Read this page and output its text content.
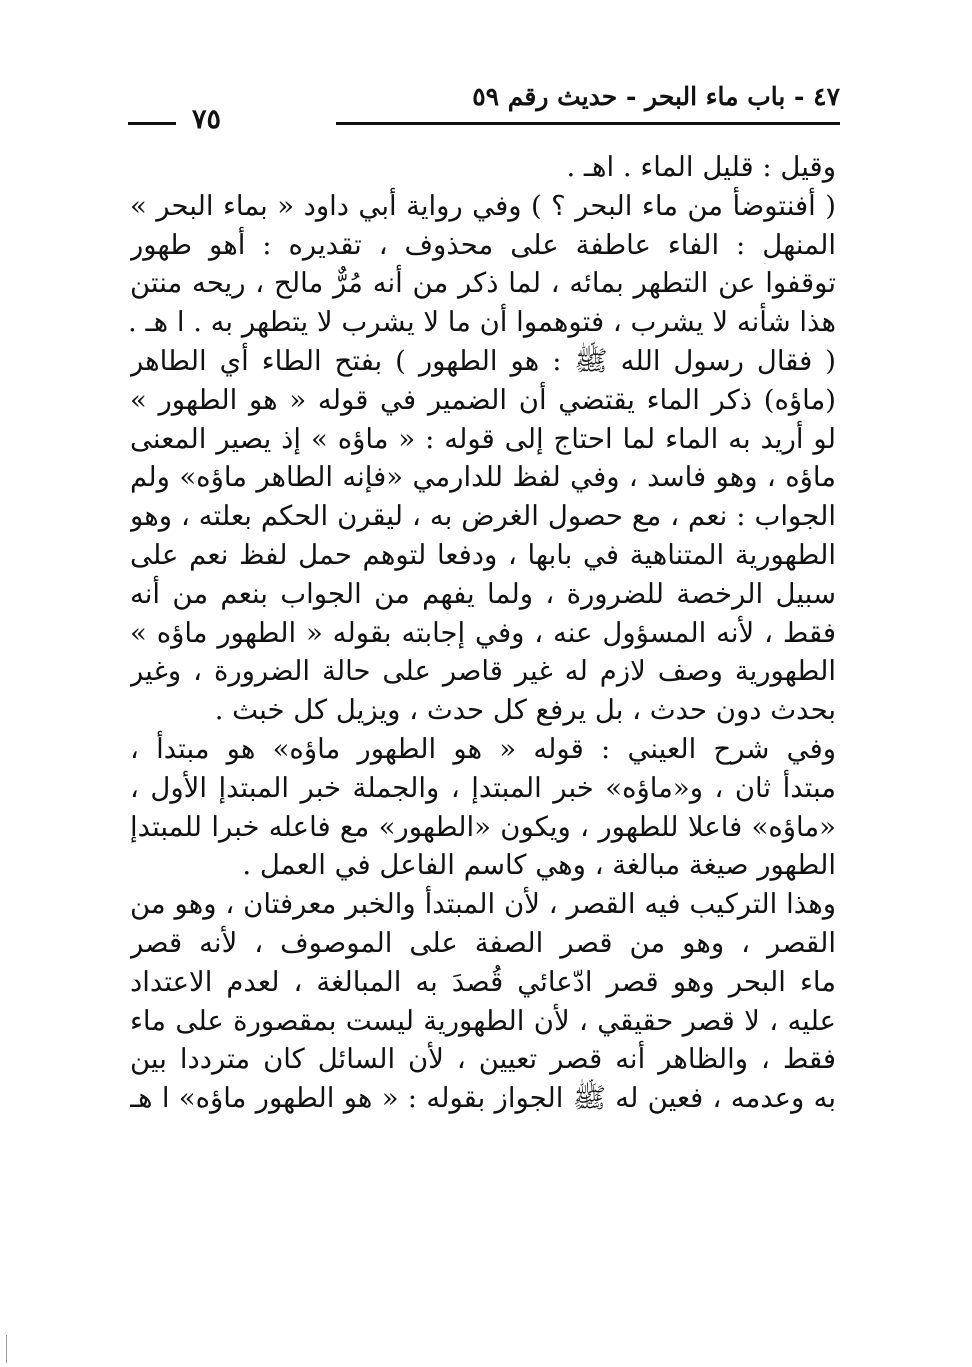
٤٧ - باب ماء البحر - حديث رقم ٥٩
٧٥
وقيل : قليل الماء . اهـ .
( أفنتوضأ من ماء البحر ؟ ) وفي رواية أبي داود « بماء البحر »
المنهل : الفاء عاطفة على محذوف ، تقديره : أهو طهور
توقفوا عن التطهر بمائه ، لما ذكر من أنه مُرٌّ مالح ، ريحه منتن
هذا شأنه لا يشرب ، فتوهموا أن ما لا يشرب لا يتطهر به . ا هـ .
( فقال رسول الله ﷺ : هو الطهور ) بفتح الطاء أي الطاهر
(ماؤه) ذكر الماء يقتضي أن الضمير في قوله « هو الطهور »
لو أريد به الماء لما احتاج إلى قوله : « ماؤه » إذ يصير المعنى
ماؤه ، وهو فاسد ، وفي لفظ للدارمي «فإنه الطاهر ماؤه» ولم
الجواب : نعم ، مع حصول الغرض به ، ليقرن الحكم بعلته ، وهو
الطهورية المتناهية في بابها ، ودفعا لتوهم حمل لفظ نعم على
سبيل الرخصة للضرورة ، ولما يفهم من الجواب بنعم من أنه
فقط ، لأنه المسؤول عنه ، وفي إجابته بقوله « الطهور ماؤه »
الطهورية وصف لازم له غير قاصر على حالة الضرورة ، وغير
بحدث دون حدث ، بل يرفع كل حدث ، ويزيل كل خبث .
وفي شرح العيني : قوله « هو الطهور ماؤه» هو مبتدأ ،
مبتدأ ثان ، و«ماؤه» خبر المبتدإ ، والجملة خبر المبتدإ الأول ،
«ماؤه» فاعلا للطهور ، ويكون «الطهور» مع فاعله خبرا للمبتدإ
الطهور صيغة مبالغة ، وهي كاسم الفاعل في العمل .
وهذا التركيب فيه القصر ، لأن المبتدأ والخبر معرفتان ، وهو من
القصر ، وهو من قصر الصفة على الموصوف ، لأنه قصر
ماء البحر وهو قصر ادّعائي قُصدَ به المبالغة ، لعدم الاعتداد
عليه ، لا قصر حقيقي ، لأن الطهورية ليست بمقصورة على ماء
فقط ، والظاهر أنه قصر تعيين ، لأن السائل كان مترددا بين
به وعدمه ، فعين له ﷺ الجواز بقوله : « هو الطهور ماؤه» ا هـ
